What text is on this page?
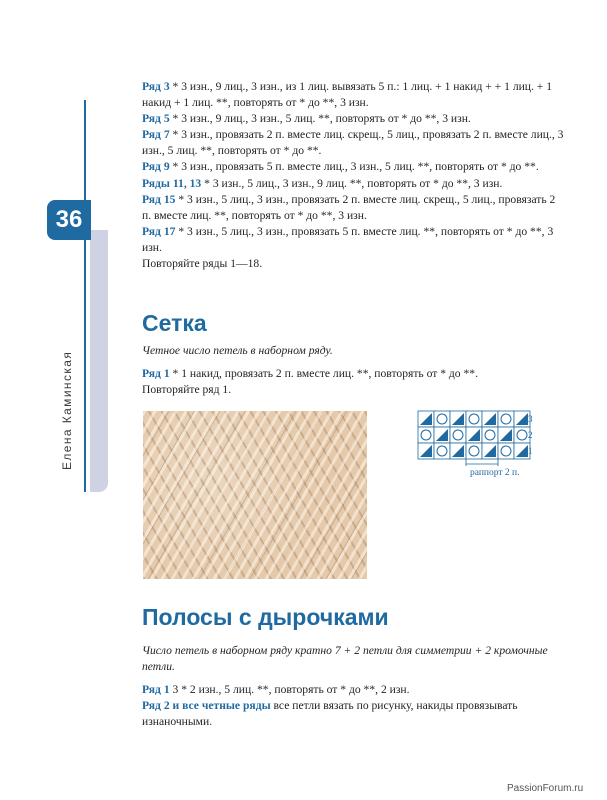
36
Елена Каминская

Ряд 3 * 3 изн., 9 лиц., 3 изн., из 1 лиц. вывязать 5 п.: 1 лиц. + 1 накид + + 1 лиц. + 1 накид + 1 лиц. **, повторять от * до **, 3 изн.

Ряд 5 * 3 изн., 9 лиц., 3 изн., 5 лиц. **, повторять от * до **, 3 изн.

Ряд 7 * 3 изн., провязать 2 п. вместе лиц. скрещ., 5 лиц., провязать 2 п. вместе лиц., 3 изн., 5 лиц. **, повторять от * до **.

Ряд 9 * 3 изн., провязать 5 п. вместе лиц., 3 изн., 5 лиц. **, повторять от * до **.

Ряды 11, 13 * 3 изн., 5 лиц., 3 изн., 9 лиц. **, повторять от * до **, 3 изн.

Ряд 15 * 3 изн., 5 лиц., 3 изн., провязать 2 п. вместе лиц. скрещ., 5 лиц., провязать 2 п. вместе лиц. **, повторять от * до **, 3 изн.

Ряд 17 * 3 изн., 5 лиц., 3 изн., провязать 5 п. вместе лиц. **, повторять от * до **, 3 изн.

Повторяйте ряды 1—18.

Сетка

Четное число петель в наборном ряду.

Ряд 1 * 1 накид, провязать 2 п. вместе лиц. **, повторять от * до **.

Повторяйте ряд 1.

3
2
1
раппорт 2 п.
Полосы с дырочками

Число петель в наборном ряду кратно 7 + 2 петли для симметрии + 2 кромочные петли.

Ряд 1 3 * 2 изн., 5 лиц. **, повторять от * до **, 2 изн.

Ряд 2 и все четные ряды все петли вязать по рисунку, накиды провязывать изнаночными.

PassionForum.ru
